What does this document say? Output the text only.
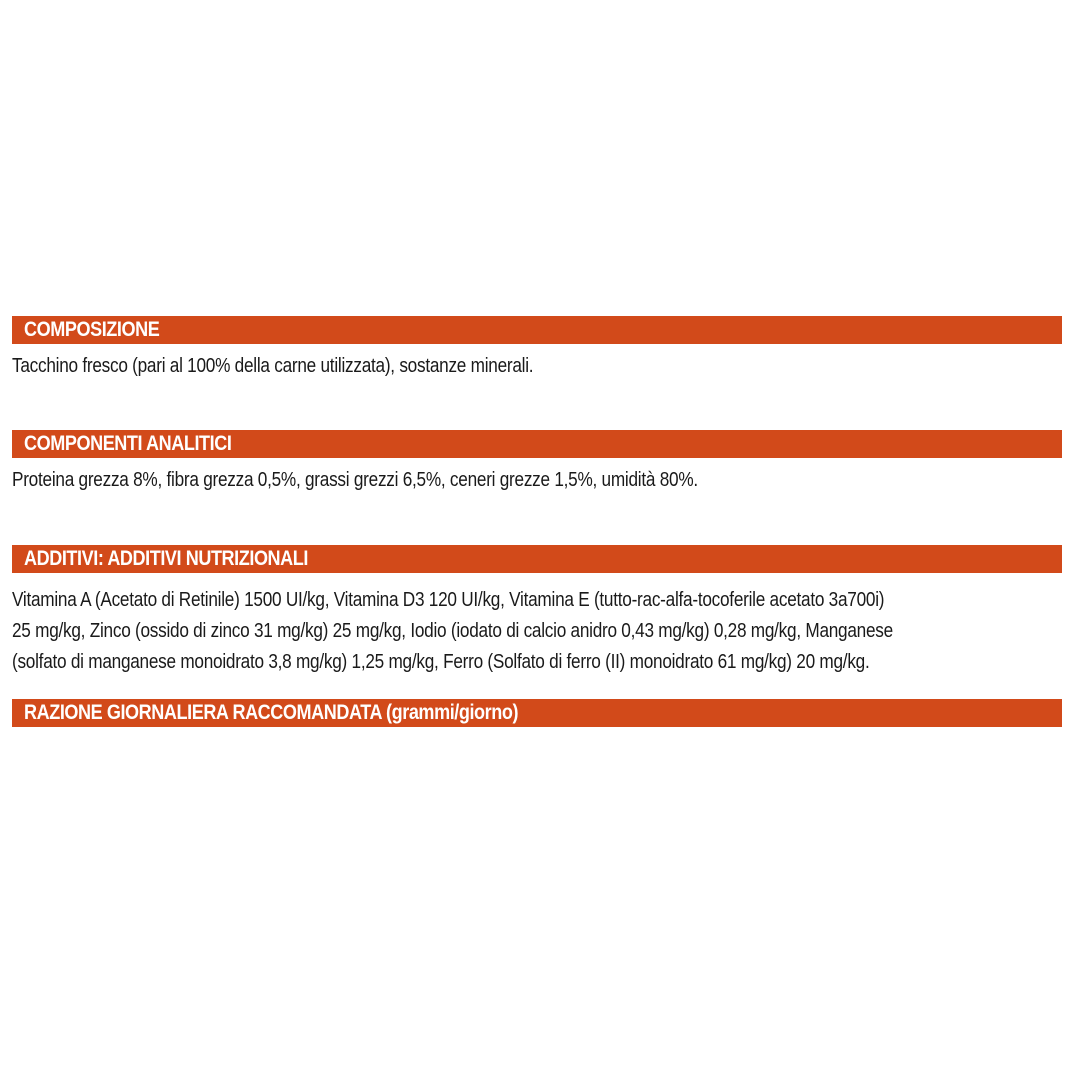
COMPOSIZIONE

Tacchino fresco (pari al 100% della carne utilizzata), sostanze minerali.

COMPONENTI ANALITICI

Proteina grezza 8%, fibra grezza 0,5%, grassi grezzi 6,5%, ceneri grezze 1,5%, umidità 80%.

ADDITIVI: ADDITIVI NUTRIZIONALI

Vitamina A (Acetato di Retinile) 1500 UI/kg, Vitamina D3 120 UI/kg, Vitamina E (tutto-rac-alfa-tocoferile acetato 3a700i)
25 mg/kg, Zinco (ossido di zinco 31 mg/kg) 25 mg/kg, Iodio (iodato di calcio anidro 0,43 mg/kg) 0,28 mg/kg, Manganese
(solfato di manganese monoidrato 3,8 mg/kg) 1,25 mg/kg, Ferro (Solfato di ferro (II) monoidrato 61 mg/kg) 20 mg/kg.

RAZIONE GIORNALIERA RACCOMANDATA (grammi/giorno)
